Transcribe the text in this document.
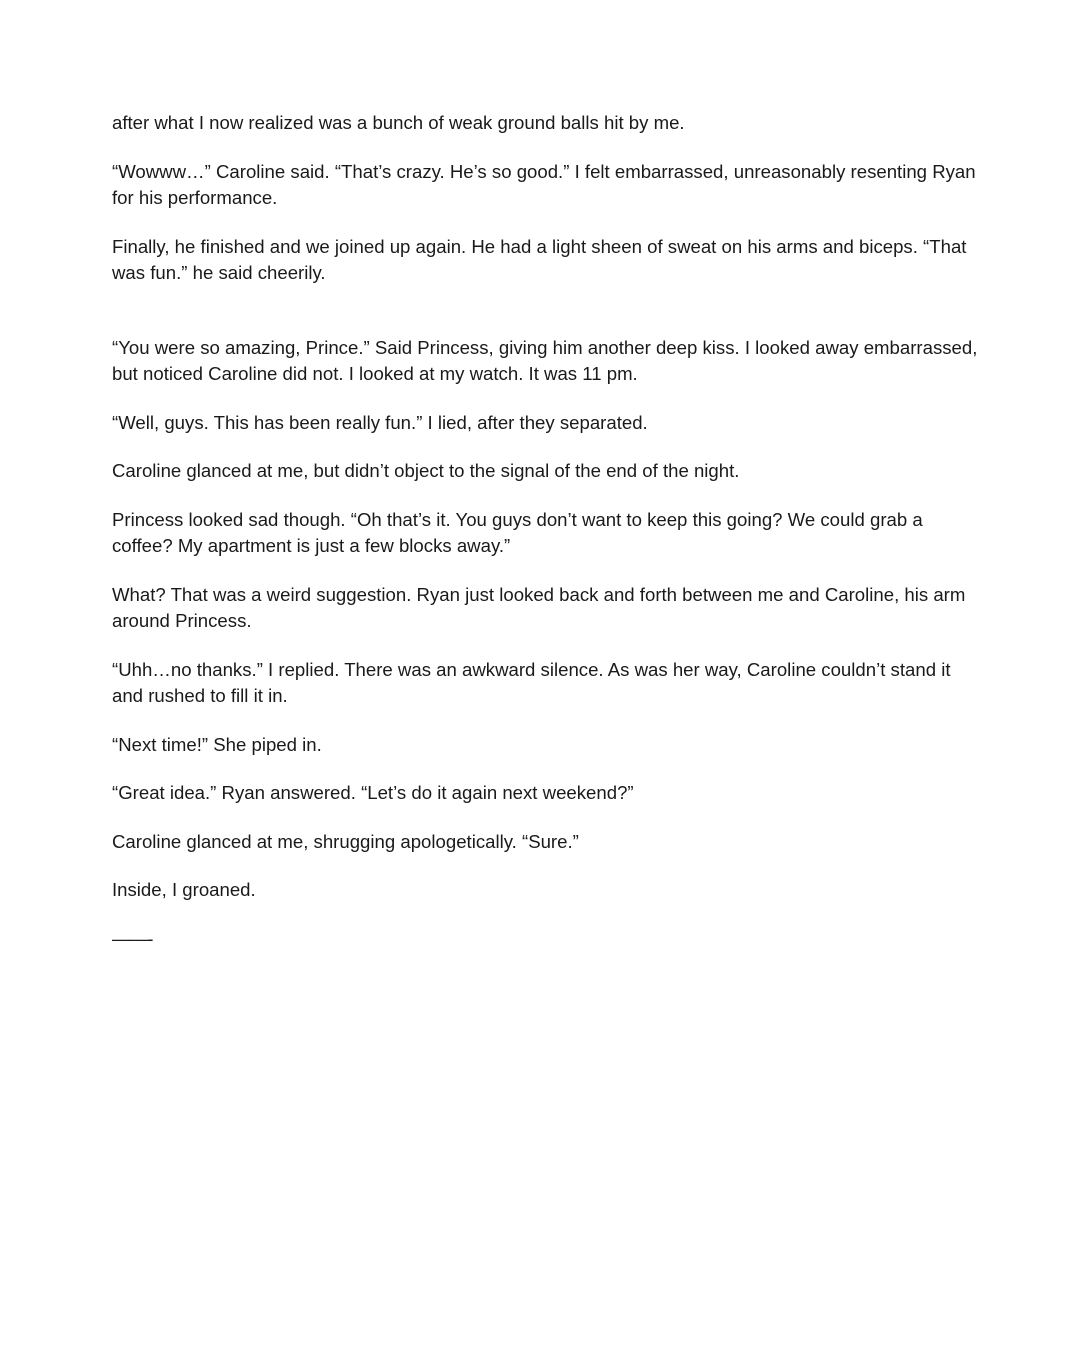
after what I now realized was a bunch of weak ground balls hit by me.

“Wowww…” Caroline said. “That’s crazy. He’s so good.” I felt embarrassed, unreasonably resenting Ryan for his performance.

Finally, he finished and we joined up again. He had a light sheen of sweat on his arms and biceps. “That was fun.” he said cheerily.

“You were so amazing, Prince.” Said Princess, giving him another deep kiss. I looked away embarrassed, but noticed Caroline did not. I looked at my watch. It was 11 pm.

“Well, guys. This has been really fun.” I lied, after they separated.

Caroline glanced at me, but didn’t object to the signal of the end of the night.

Princess looked sad though. “Oh that’s it. You guys don’t want to keep this going? We could grab a coffee? My apartment is just a few blocks away.”

What? That was a weird suggestion. Ryan just looked back and forth between me and Caroline, his arm around Princess.

“Uhh…no thanks.” I replied. There was an awkward silence. As was her way, Caroline couldn’t stand it and rushed to fill it in.

“Next time!” She piped in.

“Great idea.” Ryan answered. “Let’s do it again next weekend?”

Caroline glanced at me, shrugging apologetically. “Sure.”

Inside, I groaned.

——-
